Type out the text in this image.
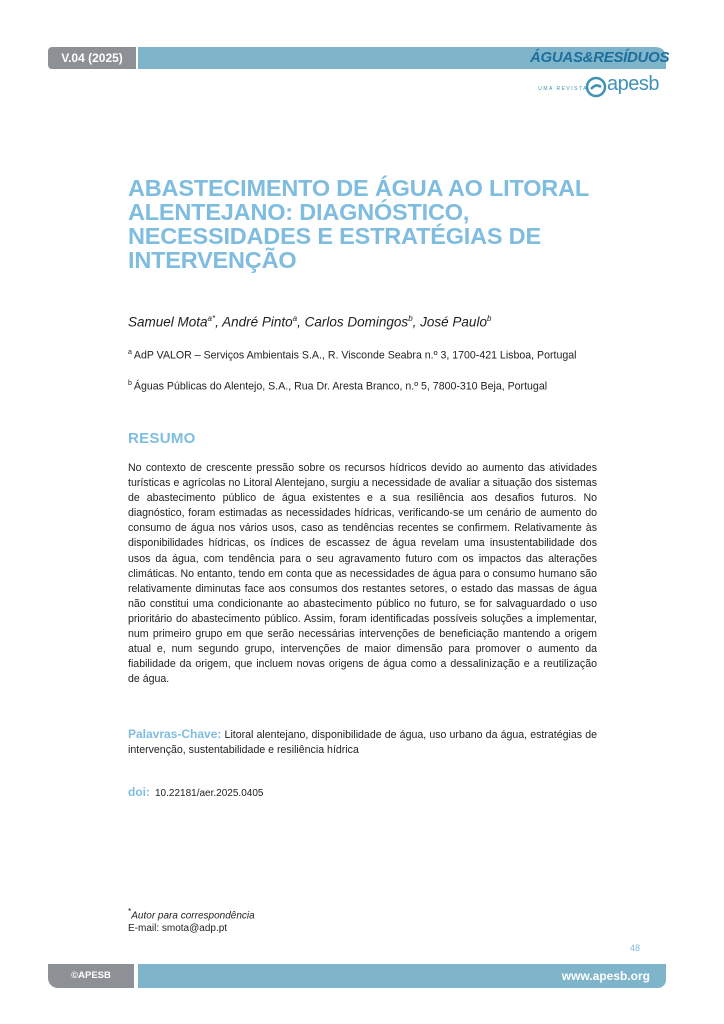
V.04 (2025)	ÁGUAS&RESÍDUOS
UMA REVISTA apesb
ABASTECIMENTO DE ÁGUA AO LITORAL ALENTEJANO: DIAGNÓSTICO, NECESSIDADES E ESTRATÉGIAS DE INTERVENÇÃO
Samuel Mota$^{a*}$, André Pinto$^a$, Carlos Domingos$^b$, José Paulo$^b$
$^a$ AdP VALOR – Serviços Ambientais S.A., R. Visconde Seabra n.º 3, 1700-421 Lisboa, Portugal
$^b$ Águas Públicas do Alentejo, S.A., Rua Dr. Aresta Branco, n.º 5, 7800-310 Beja, Portugal
RESUMO
No contexto de crescente pressão sobre os recursos hídricos devido ao aumento das atividades turísticas e agrícolas no Litoral Alentejano, surgiu a necessidade de avaliar a situação dos sistemas de abastecimento público de água existentes e a sua resiliência aos desafios futuros. No diagnóstico, foram estimadas as necessidades hídricas, verificando-se um cenário de aumento do consumo de água nos vários usos, caso as tendências recentes se confirmem. Relativamente às disponibilidades hídricas, os índices de escassez de água revelam uma insustentabilidade dos usos da água, com tendência para o seu agravamento futuro com os impactos das alterações climáticas. No entanto, tendo em conta que as necessidades de água para o consumo humano são relativamente diminutas face aos consumos dos restantes setores, o estado das massas de água não constitui uma condicionante ao abastecimento público no futuro, se for salvaguardado o uso prioritário do abastecimento público. Assim, foram identificadas possíveis soluções a implementar, num primeiro grupo em que serão necessárias intervenções de beneficiação mantendo a origem atual e, num segundo grupo, intervenções de maior dimensão para promover o aumento da fiabilidade da origem, que incluem novas origens de água como a dessalinização e a reutilização de água.
Palavras-Chave: Litoral alentejano, disponibilidade de água, uso urbano da água, estratégias de intervenção, sustentabilidade e resiliência hídrica
doi: 10.22181/aer.2025.0405
*Autor para correspondência
E-mail: smota@adp.pt
48
©APESB	www.apesb.org
